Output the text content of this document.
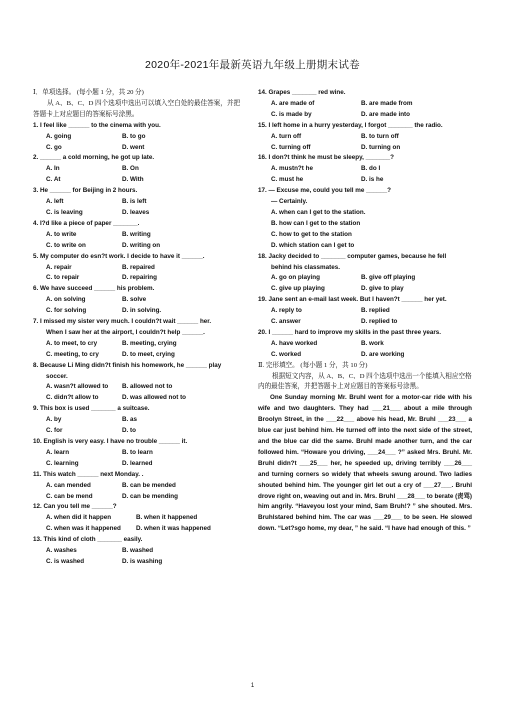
2020年-2021年最新英语九年级上册期末试卷
Ⅰ．单项选择。 (每小题 1 分，共 20 分)
从 A、B、C、D 四个选项中选出可以填入空白处的最佳答案，并把答题卡上对应题目的答案标号涂黑。
1. I feel like ______ to the cinema with you.
A. going	B. to go
C. go	D. went
2. ______ a cold morning, he got up late.
A. In	B. On
C. At	D. With
3. He ______ for Beijing in 2 hours.
A. left	B. is left
C. is leaving	D. leaves
4. I?d like a piece of paper _______.
A. to write	B. writing
C. to write on	D. writing on
5. My computer do esn?t work. I decide to have it ______.
A. repair	B. repaired
C. to repair	D. repairing
6. We have succeed ______ his problem.
A. on solving	B. solve
C. for solving	D. in solving.
7. I missed my sister very much. I couldn?t wait ______ her.
When I saw her at the airport, I couldn?t help ______.
A. to meet, to cry	B. meeting, crying
C. meeting, to cry	D. to meet, crying
8. Because Li Ming didn?t finish his homework, he ______ play
soccer.
A. wasn?t allowed to	B. allowed not to
C. didn?t allow to	D. was allowed not to
9. This box is used _______ a suitcase.
A. by	B. as
C. for	D. to
10. English is very easy. I have no trouble ______ it.
A. learn	B. to learn
C. learning	D. learned
11. This watch ______ next Monday. .
A. can mended	B. can be mended
C. can be mend	D. can be mending
12. Can you tell me ______?
A. when did it happen	B. when it happened
C. when was it happened	D. when it was happened
13. This kind of cloth _______ easily.
A. washes	B. washed
C. is washed	D. is washing
14. Grapes _______ red wine.
A. are made of	B. are made from
C. is made by	D. are made into
15. I left home in a hurry yesterday, I forgot _______ the radio.
A. turn off	B. to turn off
C. turning off	D. turning on
16. I don?t think he must be sleepy, _______?
A. mustn?t he	B. do I
C. must he	D. is he
17. — Excuse me, could you tell me ______?
— Certainly.
A. when can I get to the station.
B. how can I get to the station
C. how to get to the station
D. which station can I get to
18. Jacky decided to _______ computer games, because he fell
behind his classmates.
A. go on playing	B. give off playing
C. give up playing	D. give to play
19. Jane sent an e-mail last week. But I haven?t ______ her yet.
A. reply to	B. replied
C. answer	D. replied to
20. I ______ hard to improve my skills in the past three years.
A. have worked	B. work
C. worked	D. are working
Ⅱ. 完形填空。 (每小题 1 分，共 10 分)
根据短文内容，从 A、B、C、D 四个选项中选出一个能填入相应空格内的最佳答案，并把答题卡上对应题目的答案标号涂黑。

One Sunday morning Mr. Bruhl went for a motor-car ride with his wife and two daughters. They had ___21___ about a mile through Broolyn Street, in the ___22___ above his head, Mr. Bruhl ___23___ a blue car just behind him. He turned off into the next side of the street, and the blue car did the same. Bruhl made another turn, and the car followed him. “Howare you driving, ___24___ ?” asked Mrs. Bruhl. Mr. Bruhl didn?t ___25___ her, he speeded up, driving terribly ___26___ and turning corners so widely that wheels swung around. Two ladies shouted behind him. The younger girl let out a cry of ___27___. Bruhl drove right on, weaving out and in. Mrs. Bruhl ___28___ to berate (责骂) him angrily. “Haveyou lost your mind, Sam Bruh!? ” she shouted. Mrs. Bruhlstared behind him. The car was ___29___ to be seen. He slowed down. “Let?sgo home, my dear, ” he said. “I have had enough of this. ”

1
